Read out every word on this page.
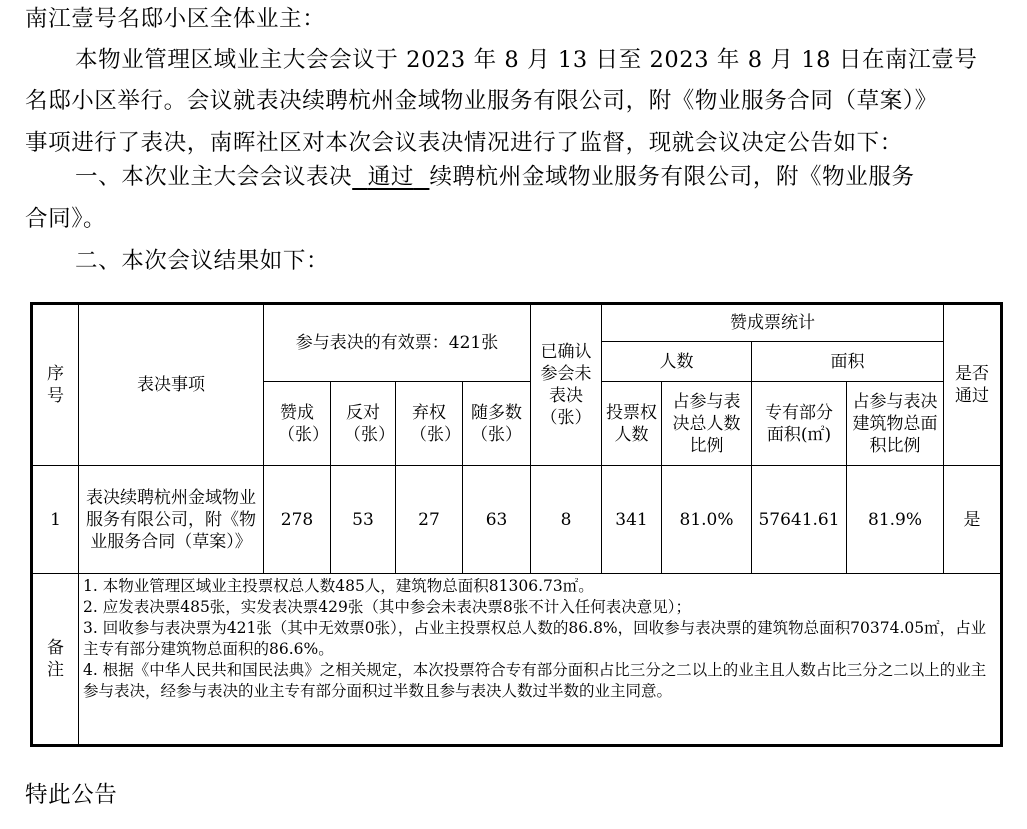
南江壹号名邸小区全体业主：
本物业管理区域业主大会会议于 2023 年 8 月 13 日至 2023 年 8 月 18 日在南江壹号
名邸小区举行。会议就表决续聘杭州金域物业服务有限公司，附《物业服务合同（草案）》
事项进行了表决，南晖社区对本次会议表决情况进行了监督，现就会议决定公告如下：
一、本次业主大会会议表决 通过 续聘杭州金域物业服务有限公司，附《物业服务
合同》。
二、本次会议结果如下：
序号	表决事项	参与表决的有效票：421张				已确认参会未表决（张）	赞成票统计				是否通过

							人数		面积		

		赞成（张）	反对（张）	弃权（张）	随多数（张）		投票权人数	占参与表决总人数比例	专有部分面积(㎡)	占参与表决建筑物总面积比例	

1	表决续聘杭州金域物业服务有限公司，附《物业服务合同（草案）》	278	53	27	63	8	341	81.0%	57641.61	81.9%	是

备注	1. 本物业管理区域业主投票权总人数485人，建筑物总面积81306.73㎡。
2. 应发表决票485张，实发表决票429张（其中参会未表决票8张不计入任何表决意见）；
3. 回收参与表决票为421张（其中无效票0张），占业主投票权总人数的86.8%，回收参与表决票的建筑物总面积70374.05㎡，占业主专有部分建筑物总面积的86.6%。
4. 根据《中华人民共和国民法典》之相关规定，本次投票符合专有部分面积占比三分之二以上的业主且人数占比三分之二以上的业主参与表决，经参与表决的业主专有部分面积过半数且参与表决人数过半数的业主同意。										
特此公告
